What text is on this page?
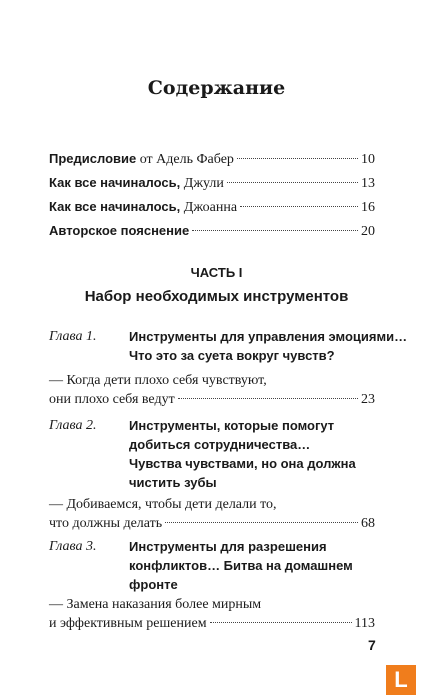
Содержание
Предисловие от Адель Фабер	10
Как все начиналось, Джули	13
Как все начиналось, Джоанна	16
Авторское пояснение	20
ЧАСТЬ I
Набор необходимых инструментов
Глава 1.	Инструменты для управления эмоциями…
Что это за суета вокруг чувств?
— Когда дети плохо себя чувствуют,
они плохо себя ведут	23
Глава 2.	Инструменты, которые помогут
добиться сотрудничества…
Чувства чувствами, но она должна
чистить зубы
— Добиваемся, чтобы дети делали то,
что должны делать	68
Глава 3.	Инструменты для разрешения
конфликтов… Битва на домашнем
фронте
— Замена наказания более мирным
и эффективным решением	113
7
L
